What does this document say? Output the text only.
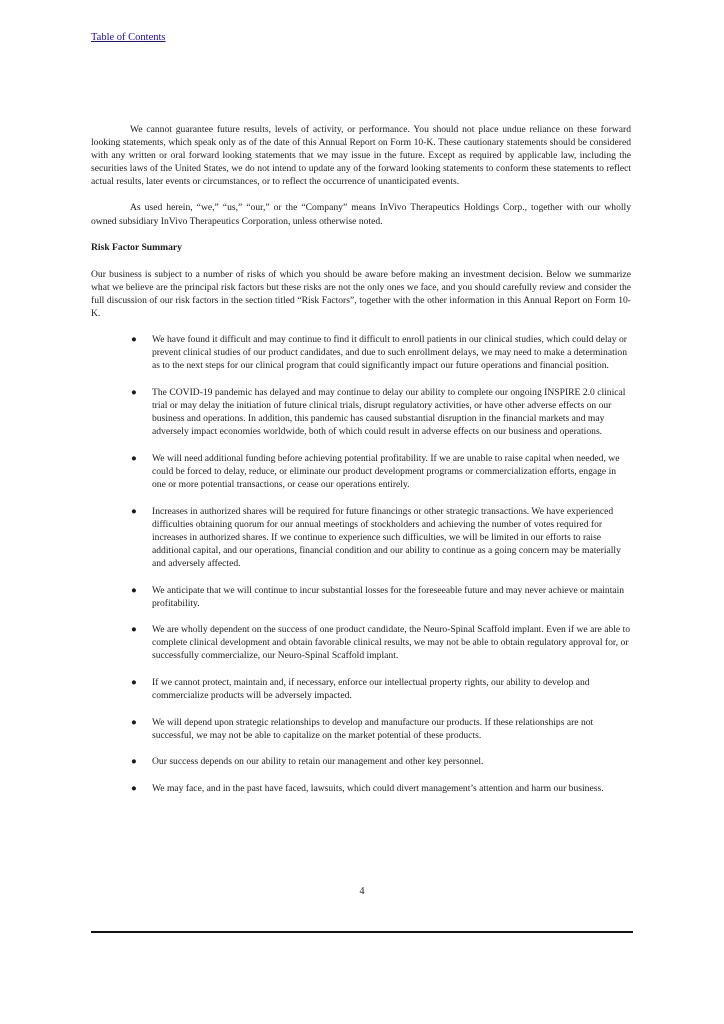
Table of Contents

We cannot guarantee future results, levels of activity, or performance. You should not place undue reliance on these forward looking statements, which speak only as of the date of this Annual Report on Form 10-K. These cautionary statements should be considered with any written or oral forward looking statements that we may issue in the future. Except as required by applicable law, including the securities laws of the United States, we do not intend to update any of the forward looking statements to conform these statements to reflect actual results, later events or circumstances, or to reflect the occurrence of unanticipated events.

As used herein, “we,” “us,” “our,” or the “Company” means InVivo Therapeutics Holdings Corp., together with our wholly owned subsidiary InVivo Therapeutics Corporation, unless otherwise noted.

Risk Factor Summary

Our business is subject to a number of risks of which you should be aware before making an investment decision. Below we summarize what we believe are the principal risk factors but these risks are not the only ones we face, and you should carefully review and consider the full discussion of our risk factors in the section titled “Risk Factors”, together with the other information in this Annual Report on Form 10-K.

● We have found it difficult and may continue to find it difficult to enroll patients in our clinical studies, which could delay or prevent clinical studies of our product candidates, and due to such enrollment delays, we may need to make a determination as to the next steps for our clinical program that could significantly impact our future operations and financial position.
● The COVID-19 pandemic has delayed and may continue to delay our ability to complete our ongoing INSPIRE 2.0 clinical trial or may delay the initiation of future clinical trials, disrupt regulatory activities, or have other adverse effects on our business and operations. In addition, this pandemic has caused substantial disruption in the financial markets and may adversely impact economies worldwide, both of which could result in adverse effects on our business and operations.
● We will need additional funding before achieving potential profitability. If we are unable to raise capital when needed, we could be forced to delay, reduce, or eliminate our product development programs or commercialization efforts, engage in one or more potential transactions, or cease our operations entirely.
● Increases in authorized shares will be required for future financings or other strategic transactions. We have experienced difficulties obtaining quorum for our annual meetings of stockholders and achieving the number of votes required for increases in authorized shares. If we continue to experience such difficulties, we will be limited in our efforts to raise additional capital, and our operations, financial condition and our ability to continue as a going concern may be materially and adversely affected.
● We anticipate that we will continue to incur substantial losses for the foreseeable future and may never achieve or maintain profitability.
● We are wholly dependent on the success of one product candidate, the Neuro-Spinal Scaffold implant. Even if we are able to complete clinical development and obtain favorable clinical results, we may not be able to obtain regulatory approval for, or successfully commercialize, our Neuro-Spinal Scaffold implant.
● If we cannot protect, maintain and, if necessary, enforce our intellectual property rights, our ability to develop and commercialize products will be adversely impacted.
● We will depend upon strategic relationships to develop and manufacture our products. If these relationships are not successful, we may not be able to capitalize on the market potential of these products.
● Our success depends on our ability to retain our management and other key personnel.
● We may face, and in the past have faced, lawsuits, which could divert management’s attention and harm our business.
4
